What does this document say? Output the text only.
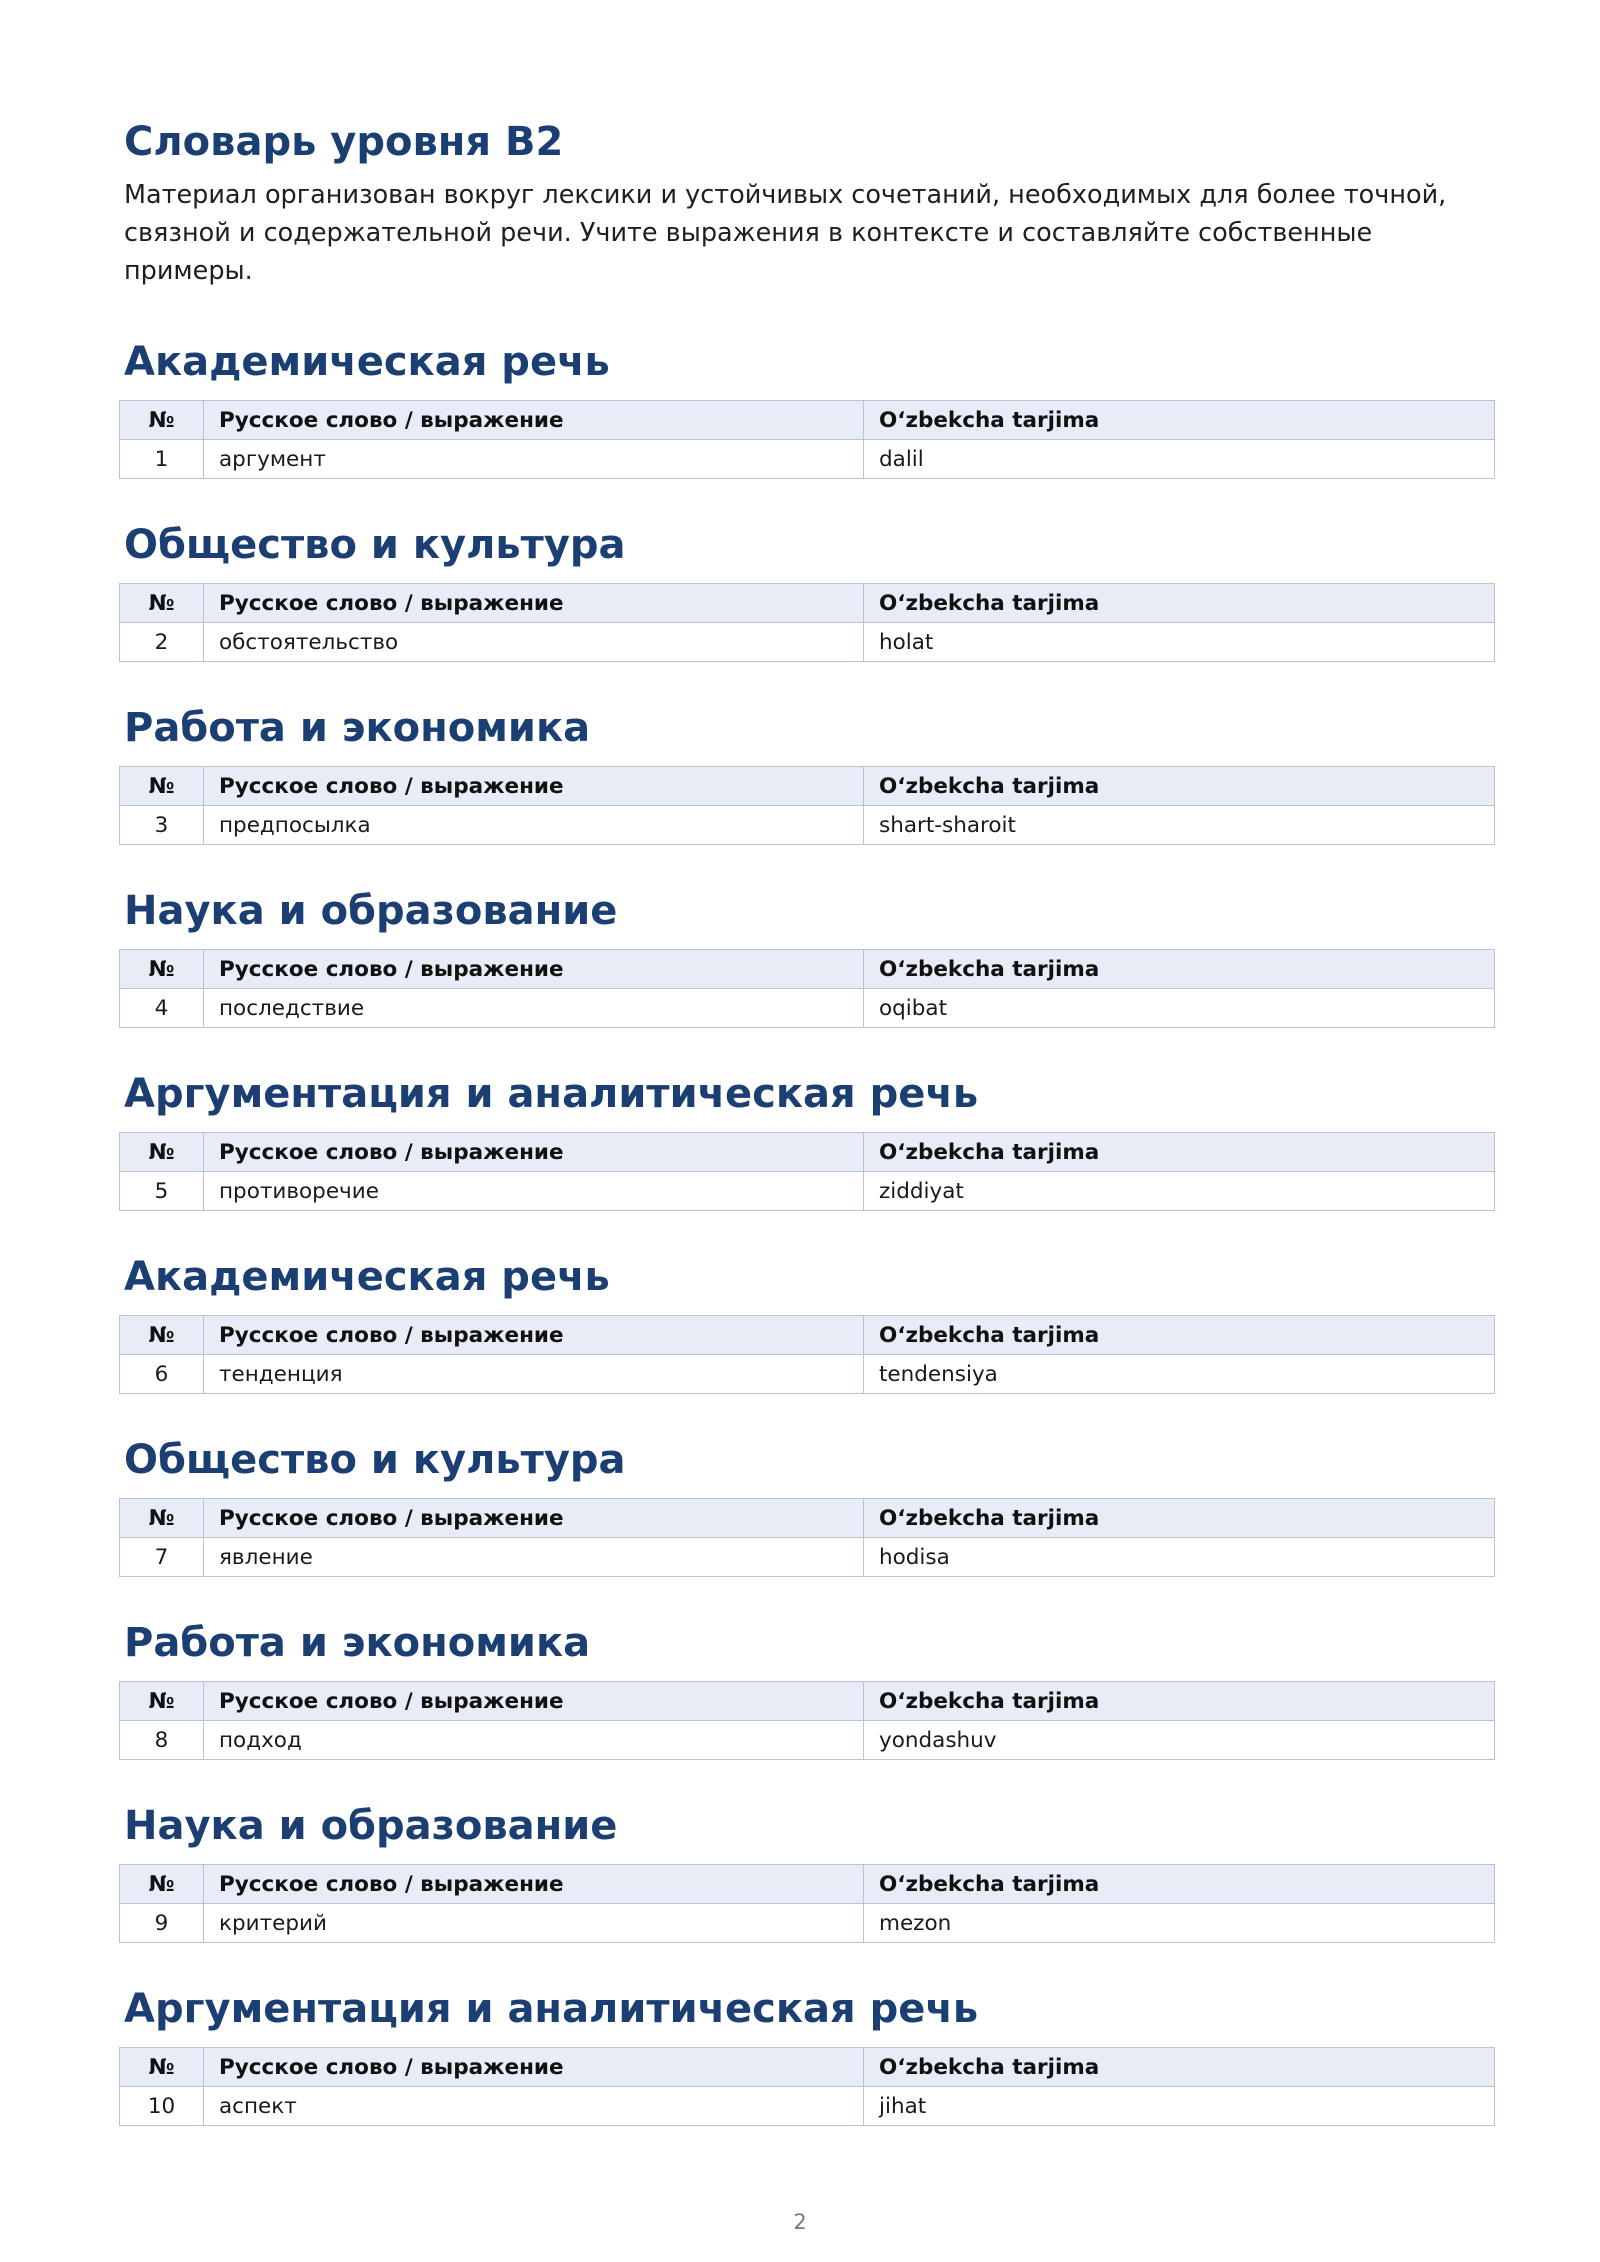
Словарь уровня B2

Материал организован вокруг лексики и устойчивых сочетаний, необходимых для более точной, связной и содержательной речи. Учите выражения в контексте и составляйте собственные примеры.

Академическая речь
№	Русское слово / выражение	Oʻzbekcha tarjima
1	аргумент	dalil
Общество и культура
№	Русское слово / выражение	Oʻzbekcha tarjima
2	обстоятельство	holat
Работа и экономика
№	Русское слово / выражение	Oʻzbekcha tarjima
3	предпосылка	shart-sharoit
Наука и образование
№	Русское слово / выражение	Oʻzbekcha tarjima
4	последствие	oqibat
Аргументация и аналитическая речь
№	Русское слово / выражение	Oʻzbekcha tarjima
5	противоречие	ziddiyat
Академическая речь
№	Русское слово / выражение	Oʻzbekcha tarjima
6	тенденция	tendensiya
Общество и культура
№	Русское слово / выражение	Oʻzbekcha tarjima
7	явление	hodisa
Работа и экономика
№	Русское слово / выражение	Oʻzbekcha tarjima
8	подход	yondashuv
Наука и образование
№	Русское слово / выражение	Oʻzbekcha tarjima
9	критерий	mezon
Аргументация и аналитическая речь
№	Русское слово / выражение	Oʻzbekcha tarjima
10	аспект	jihat
2
